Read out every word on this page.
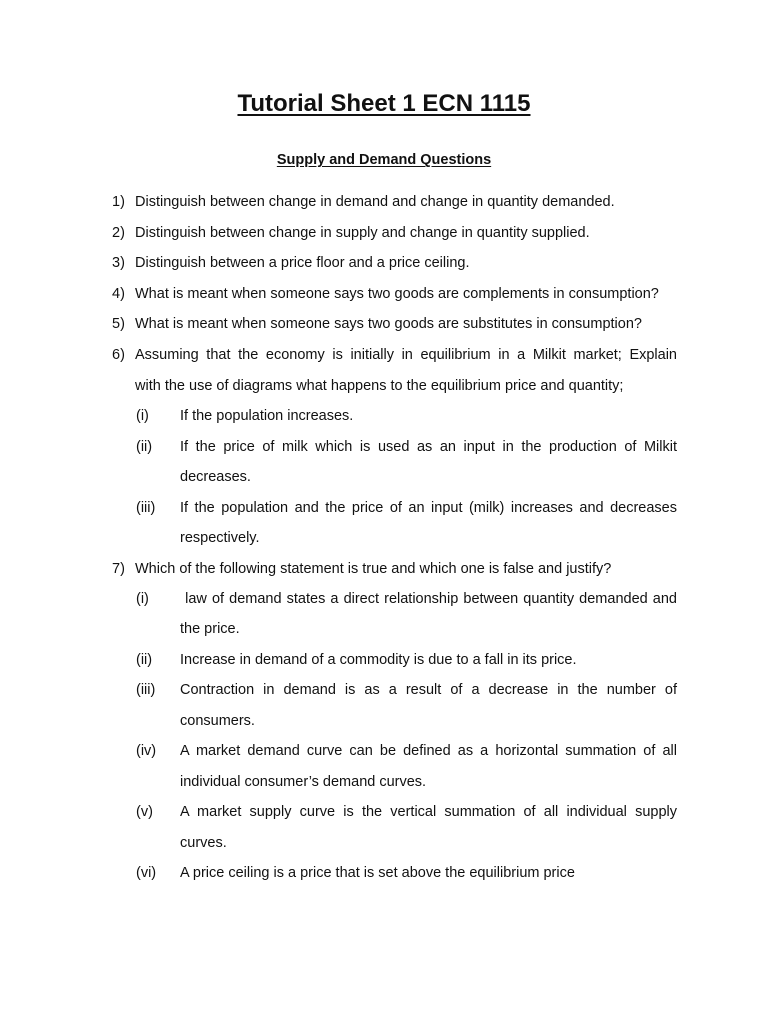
Tutorial Sheet 1 ECN 1115
Supply and Demand Questions
1) Distinguish between change in demand and change in quantity demanded.
2) Distinguish between change in supply and change in quantity supplied.
3) Distinguish between a price floor and a price ceiling.
4) What is meant when someone says two goods are complements in consumption?
5) What is meant when someone says two goods are substitutes in consumption?
6) Assuming that the economy is initially in equilibrium in a Milkit market; Explain
with the use of diagrams what happens to the equilibrium price and quantity;
(i)	If the population increases.
(ii)	If the price of milk which is used as an input in the production of Milkit
decreases.
(iii)	If the population and the price of an input (milk) increases and decreases
respectively.
7) Which of the following statement is true and which one is false and justify?
(i)	law of demand states a direct relationship between quantity demanded and
the price.
(ii)	Increase in demand of a commodity is due to a fall in its price.
(iii)	Contraction in demand is as a result of a decrease in the number of
consumers.
(iv)	A market demand curve can be defined as a horizontal summation of all
individual consumer’s demand curves.
(v)	A market supply curve is the vertical summation of all individual supply
curves.
(vi)	A price ceiling is a price that is set above the equilibrium price
